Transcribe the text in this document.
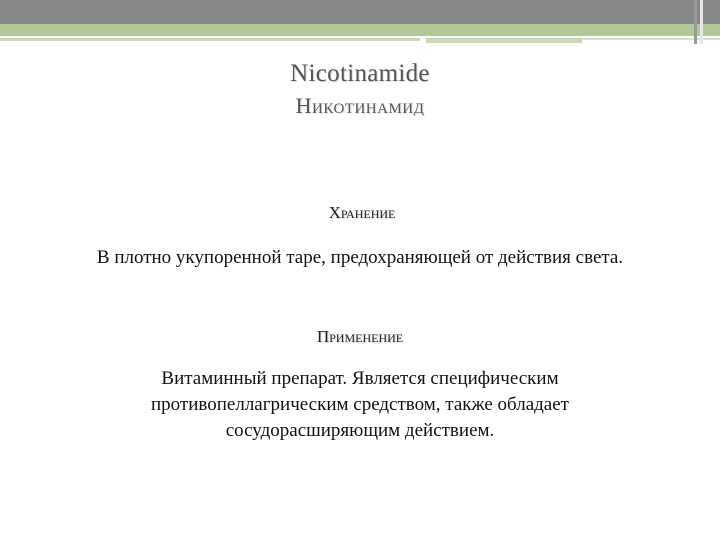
Nicotinamide
Никотинамид
Хранение
В плотно укупоренной таре, предохраняющей от действия света.
Применение
Витаминный препарат. Является специфическим
противопеллагрическим средством, также обладает
сосудорасширяющим действием.
